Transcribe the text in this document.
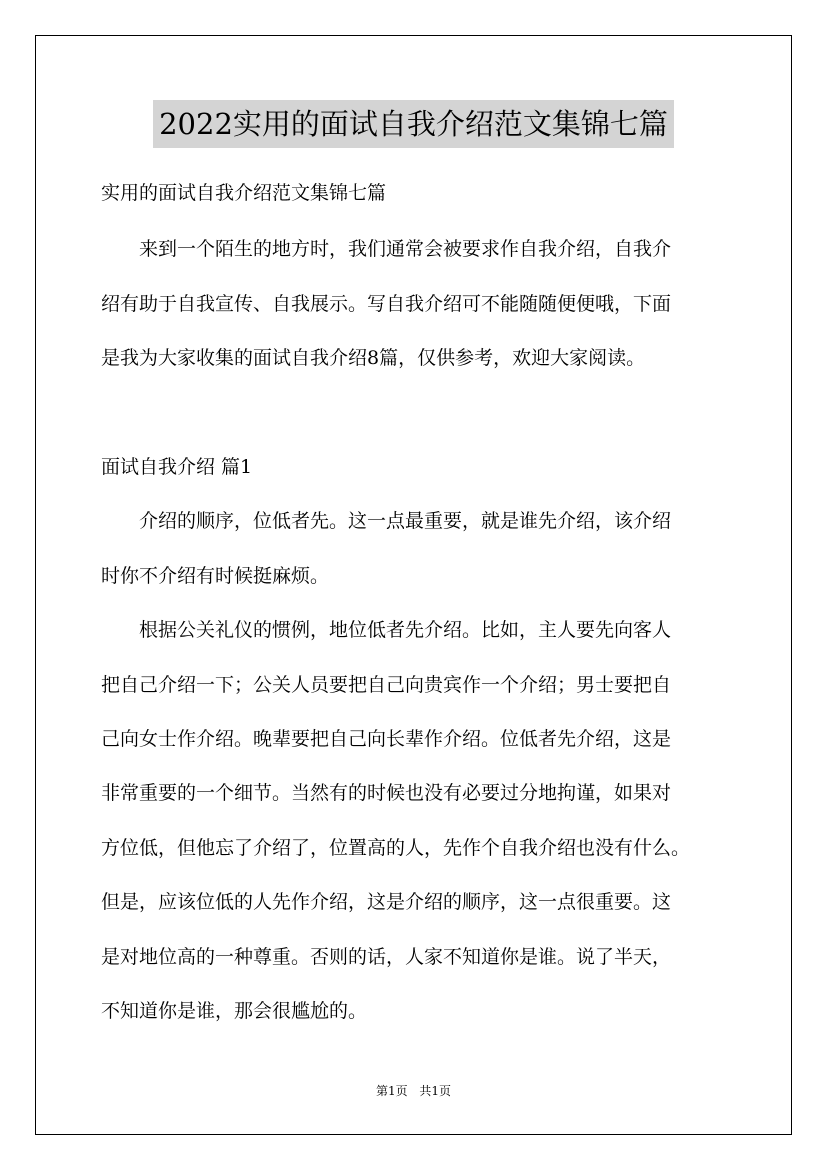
2022实用的面试自我介绍范文集锦七篇
实用的面试自我介绍范文集锦七篇
来到一个陌生的地方时，我们通常会被要求作自我介绍，自我介
绍有助于自我宣传、自我展示。写自我介绍可不能随随便便哦，下面
是我为大家收集的面试自我介绍8篇，仅供参考，欢迎大家阅读。
面试自我介绍 篇1
介绍的顺序，位低者先。这一点最重要，就是谁先介绍，该介绍
时你不介绍有时候挺麻烦。
根据公关礼仪的惯例，地位低者先介绍。比如，主人要先向客人
把自己介绍一下；公关人员要把自己向贵宾作一个介绍；男士要把自
己向女士作介绍。晚辈要把自己向长辈作介绍。位低者先介绍，这是
非常重要的一个细节。当然有的时候也没有必要过分地拘谨，如果对
方位低，但他忘了介绍了，位置高的人，先作个自我介绍也没有什么。
但是，应该位低的人先作介绍，这是介绍的顺序，这一点很重要。这
是对地位高的一种尊重。否则的话，人家不知道你是谁。说了半天，
不知道你是谁，那会很尴尬的。
第1页 共1页
